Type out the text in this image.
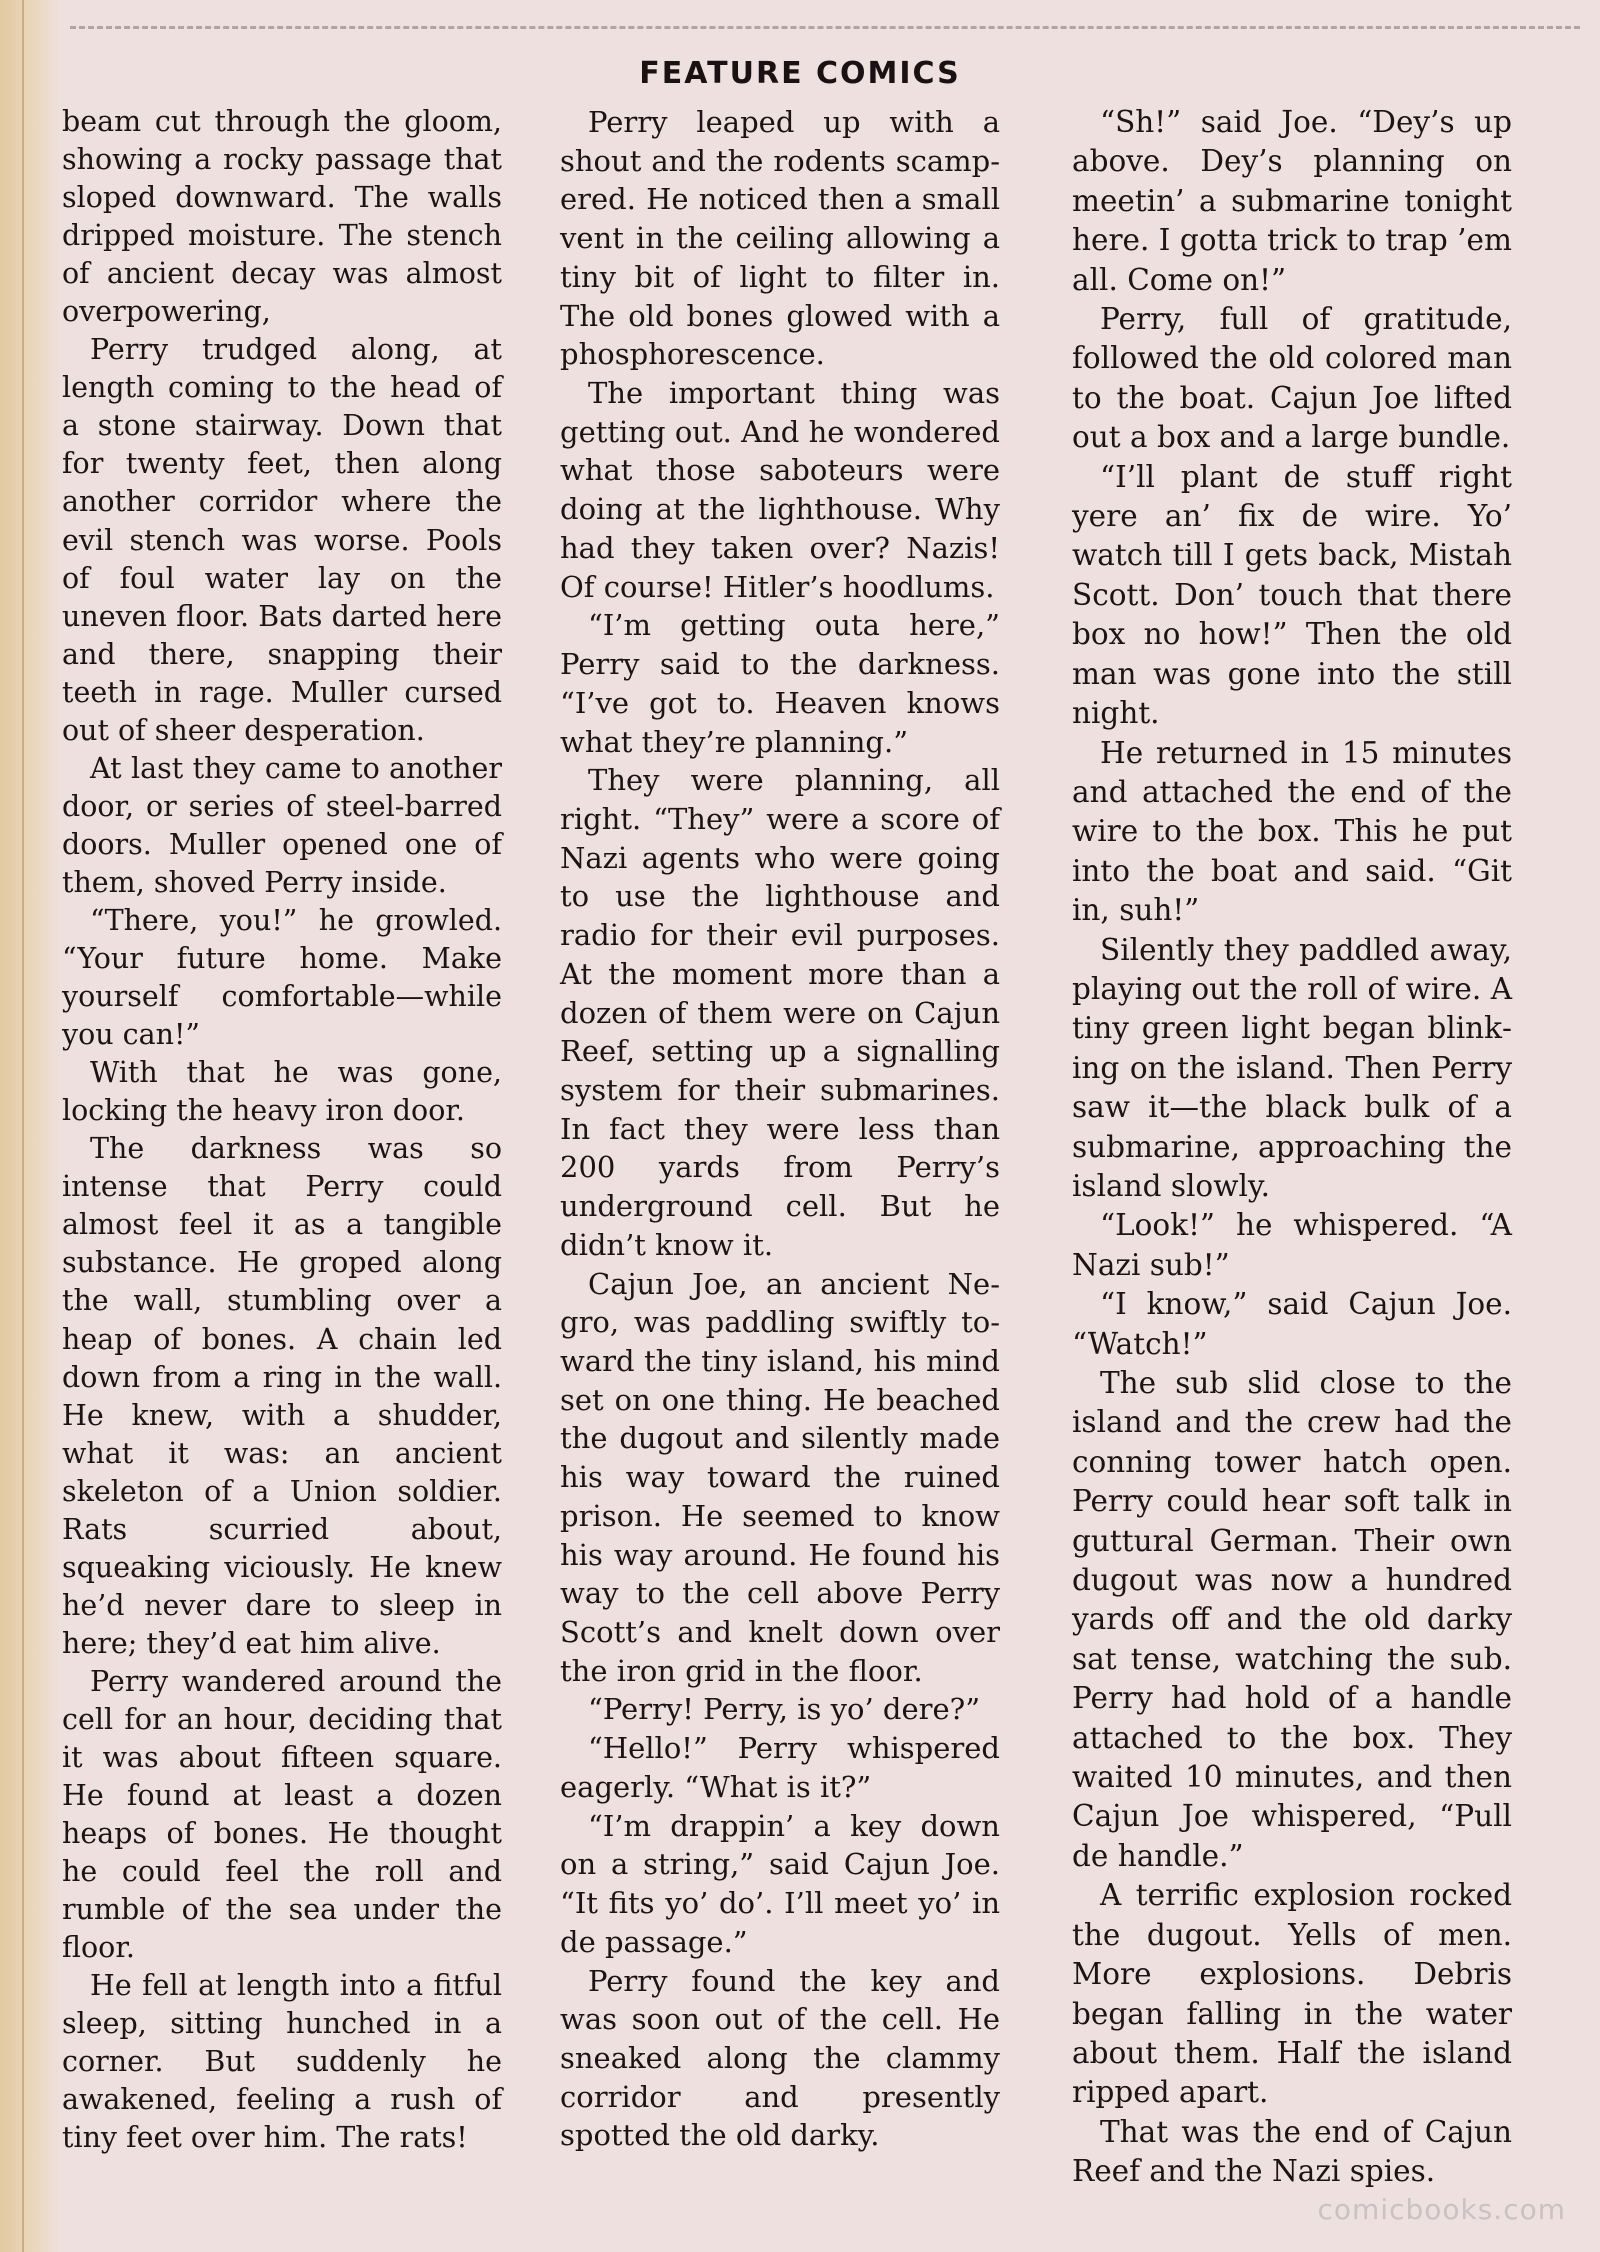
FEATURE COMICS

beam cut through the gloom, showing a rocky passage that sloped downward. The walls dripped moisture. The stench of ancient decay was almost overpowering,

Perry trudged along, at length coming to the head of a stone stairway. Down that for twenty feet, then along another corridor where the evil stench was worse. Pools of foul water lay on the uneven floor. Bats darted here and there, snapping their teeth in rage. Muller cursed out of sheer desperation.

At last they came to another door, or series of steel-barred doors. Muller opened one of them, shoved Perry inside.

“There, you!” he growled. “Your future home. Make yourself comfortable—while you can!”

With that he was gone, locking the heavy iron door.

The darkness was so intense that Perry could almost feel it as a tangible substance. He groped along the wall, stumbling over a heap of bones. A chain led down from a ring in the wall. He knew, with a shudder, what it was: an ancient skeleton of a Union soldier. Rats scurried about, squeaking viciously. He knew he’d never dare to sleep in here; they’d eat him alive.

Perry wandered around the cell for an hour, deciding that it was about fifteen square. He found at least a dozen heaps of bones. He thought he could feel the roll and rumble of the sea under the floor.

He fell at length into a fitful sleep, sitting hunched in a corner. But suddenly he awakened, feeling a rush of tiny feet over him. The rats!

Perry leaped up with a shout and the rodents scampered. He noticed then a small vent in the ceiling allowing a tiny bit of light to filter in. The old bones glowed with a phosphorescence.

The important thing was getting out. And he wondered what those saboteurs were doing at the lighthouse. Why had they taken over? Nazis! Of course! Hitler’s hoodlums.

“I’m getting outa here,” Perry said to the darkness. “I’ve got to. Heaven knows what they’re planning.”

They were planning, all right. “They” were a score of Nazi agents who were going to use the lighthouse and radio for their evil purposes. At the moment more than a dozen of them were on Cajun Reef, setting up a signalling system for their submarines. In fact they were less than 200 yards from Perry’s underground cell. But he didn’t know it.

Cajun Joe, an ancient Negro, was paddling swiftly toward the tiny island, his mind set on one thing. He beached the dugout and silently made his way toward the ruined prison. He seemed to know his way around. He found his way to the cell above Perry Scott’s and knelt down over the iron grid in the floor.

“Perry! Perry, is yo’ dere?”

“Hello!” Perry whispered eagerly. “What is it?”

“I’m drappin’ a key down on a string,” said Cajun Joe. “It fits yo’ do’. I’ll meet yo’ in de passage.”

Perry found the key and was soon out of the cell. He sneaked along the clammy corridor and presently spotted the old darky.

“Sh!” said Joe. “Dey’s up above. Dey’s planning on meetin’ a submarine tonight here. I gotta trick to trap ’em all. Come on!”

Perry, full of gratitude, followed the old colored man to the boat. Cajun Joe lifted out a box and a large bundle.

“I’ll plant de stuff right yere an’ fix de wire. Yo’ watch till I gets back, Mistah Scott. Don’ touch that there box no how!” Then the old man was gone into the still night.

He returned in 15 minutes and attached the end of the wire to the box. This he put into the boat and said. “Git in, suh!”

Silently they paddled away, playing out the roll of wire. A tiny green light began blinking on the island. Then Perry saw it—the black bulk of a submarine, approaching the island slowly.

“Look!” he whispered. “A Nazi sub!”

“I know,” said Cajun Joe. “Watch!”

The sub slid close to the island and the crew had the conning tower hatch open. Perry could hear soft talk in guttural German. Their own dugout was now a hundred yards off and the old darky sat tense, watching the sub. Perry had hold of a handle attached to the box. They waited 10 minutes, and then Cajun Joe whispered, “Pull de handle.”

A terrific explosion rocked the dugout. Yells of men. More explosions. Debris began falling in the water about them. Half the island ripped apart.

That was the end of Cajun Reef and the Nazi spies.

comicbooks.com
